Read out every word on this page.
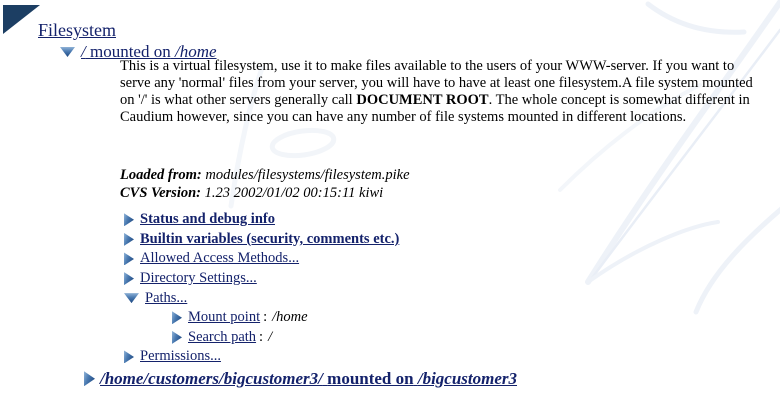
Filesystem
/ mounted on /home

This is a virtual filesystem, use it to make files available to the users of your WWW-server. If you want to serve any 'normal' files from your server, you will have to have at least one filesystem.A file system mounted on '/' is what other servers generally call DOCUMENT ROOT. The whole concept is somewhat different in Caudium however, since you can have any number of file systems mounted in different locations.

Loaded from: modules/filesystems/filesystem.pike
CVS Version: 1.23 2002/01/02 00:15:11 kiwi
Status and debug info
Builtin variables (security, comments etc.)
Allowed Access Methods...
Directory Settings...
Paths...
Mount point : /home
Search path : /
Permissions...
/home/customers/bigcustomer3/ mounted on /bigcustomer3
